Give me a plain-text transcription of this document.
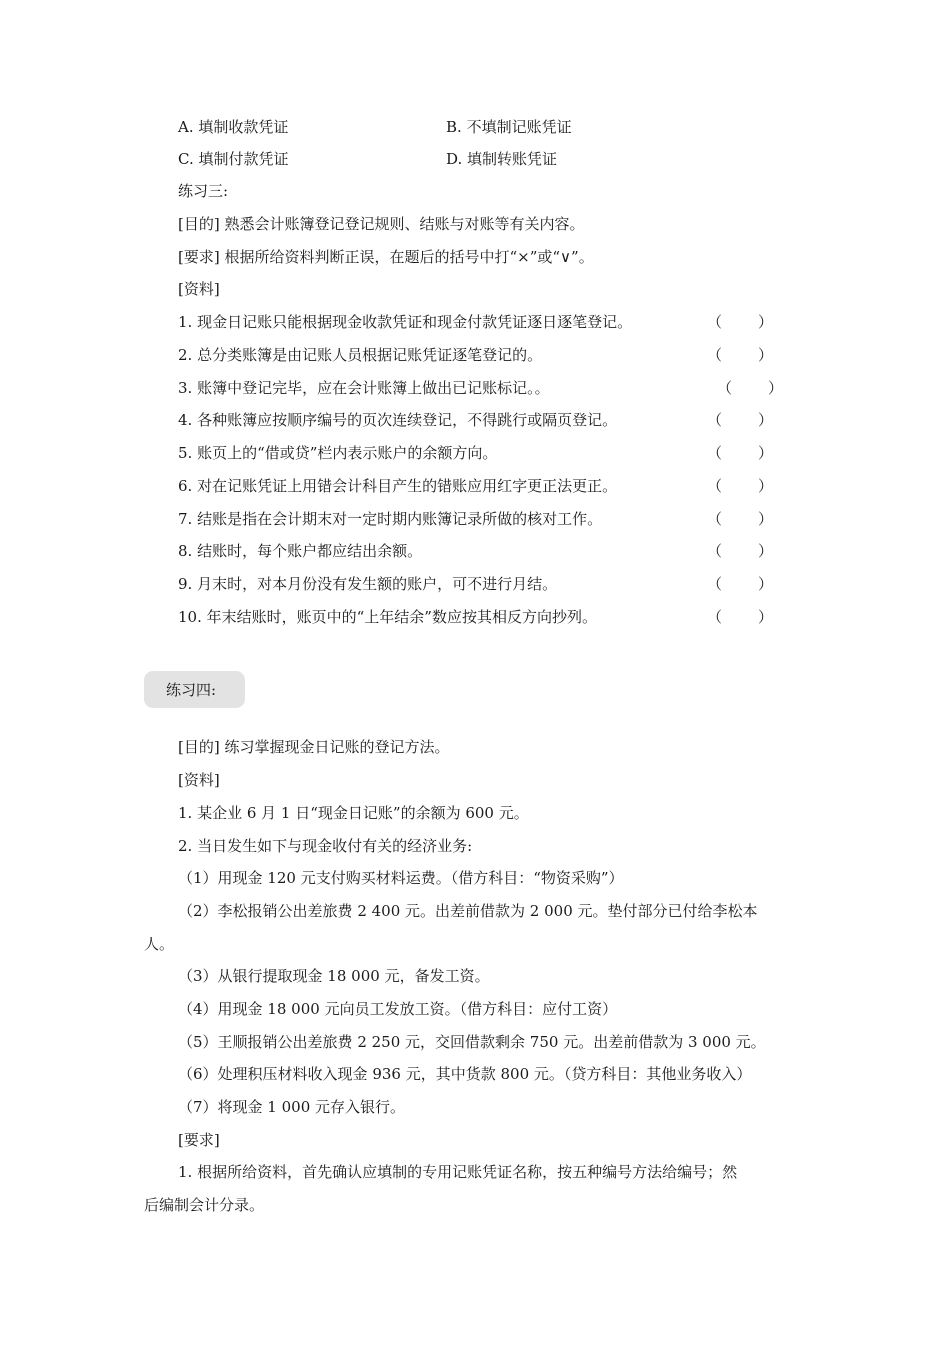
A. 填制收款凭证	B. 不填制记账凭证
C. 填制付款凭证	D. 填制转账凭证
练习三:
[目的] 熟悉会计账簿登记登记规则、结账与对账等有关内容。
[要求] 根据所给资料判断正误，在题后的括号中打“×”或“∨”。
[资料]
1. 现金日记账只能根据现金收款凭证和现金付款凭证逐日逐笔登记。	（ ）
2. 总分类账簿是由记账人员根据记账凭证逐笔登记的。	（ ）
3. 账簿中登记完毕，应在会计账簿上做出已记账标记。。	（ ）
4. 各种账簿应按顺序编号的页次连续登记，不得跳行或隔页登记。	（ ）
5. 账页上的“借或贷”栏内表示账户的余额方向。	（ ）
6. 对在记账凭证上用错会计科目产生的错账应用红字更正法更正。	（ ）
7. 结账是指在会计期末对一定时期内账簿记录所做的核对工作。	（ ）
8. 结账时，每个账户都应结出余额。	（ ）
9. 月末时，对本月份没有发生额的账户，可不进行月结。	（ ）
10. 年末结账时，账页中的“上年结余”数应按其相反方向抄列。	（ ）
练习四:
[目的] 练习掌握现金日记账的登记方法。
[资料]
1. 某企业 6 月 1 日“现金日记账”的余额为 600 元。
2. 当日发生如下与现金收付有关的经济业务:
（1）用现金 120 元支付购买材料运费。（借方科目：“物资采购”）
（2）李松报销公出差旅费 2 400 元。出差前借款为 2 000 元。垫付部分已付给李松本
人。
（3）从银行提取现金 18 000 元，备发工资。
（4）用现金 18 000 元向员工发放工资。（借方科目：应付工资）
（5）王顺报销公出差旅费 2 250 元，交回借款剩余 750 元。出差前借款为 3 000 元。
（6）处理积压材料收入现金 936 元，其中货款 800 元。（贷方科目：其他业务收入）
（7）将现金 1 000 元存入银行。
[要求]
1. 根据所给资料，首先确认应填制的专用记账凭证名称，按五种编号方法给编号；然
后编制会计分录。
